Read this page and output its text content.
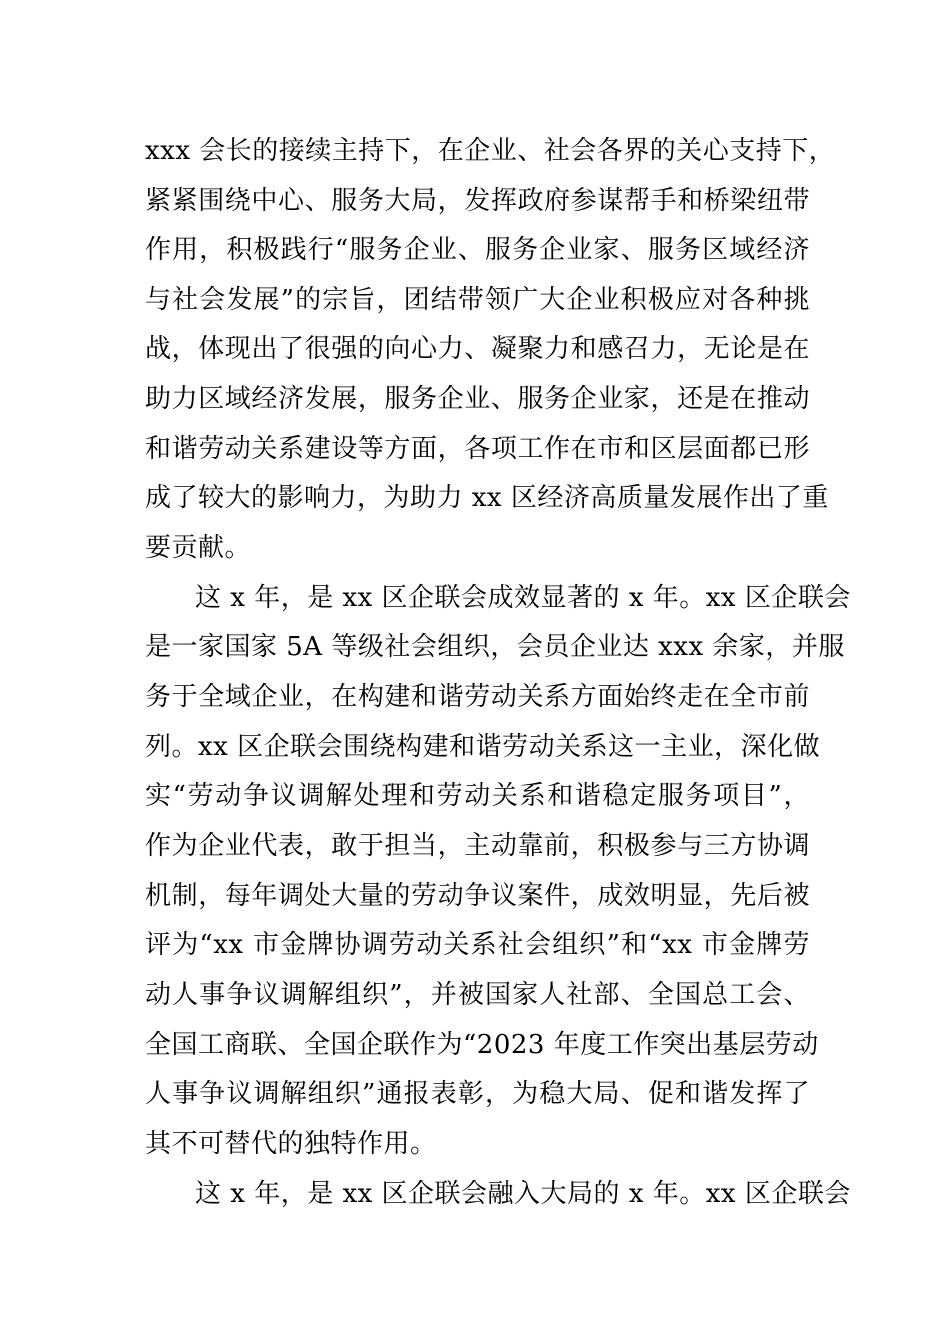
xxx 会长的接续主持下，在企业、社会各界的关心支持下，
紧紧围绕中心、服务大局，发挥政府参谋帮手和桥梁纽带
作用，积极践行“服务企业、服务企业家、服务区域经济
与社会发展”的宗旨，团结带领广大企业积极应对各种挑
战，体现出了很强的向心力、凝聚力和感召力，无论是在
助力区域经济发展，服务企业、服务企业家，还是在推动
和谐劳动关系建设等方面，各项工作在市和区层面都已形
成了较大的影响力，为助力 xx 区经济高质量发展作出了重
要贡献。
这 x 年，是 xx 区企联会成效显著的 x 年。xx 区企联会
是一家国家 5A 等级社会组织，会员企业达 xxx 余家，并服
务于全域企业，在构建和谐劳动关系方面始终走在全市前
列。xx 区企联会围绕构建和谐劳动关系这一主业，深化做
实“劳动争议调解处理和劳动关系和谐稳定服务项目”，
作为企业代表，敢于担当，主动靠前，积极参与三方协调
机制，每年调处大量的劳动争议案件，成效明显，先后被
评为“xx 市金牌协调劳动关系社会组织”和“xx 市金牌劳
动人事争议调解组织”，并被国家人社部、全国总工会、
全国工商联、全国企联作为“2023 年度工作突出基层劳动
人事争议调解组织”通报表彰，为稳大局、促和谐发挥了
其不可替代的独特作用。
这 x 年，是 xx 区企联会融入大局的 x 年。xx 区企联会
